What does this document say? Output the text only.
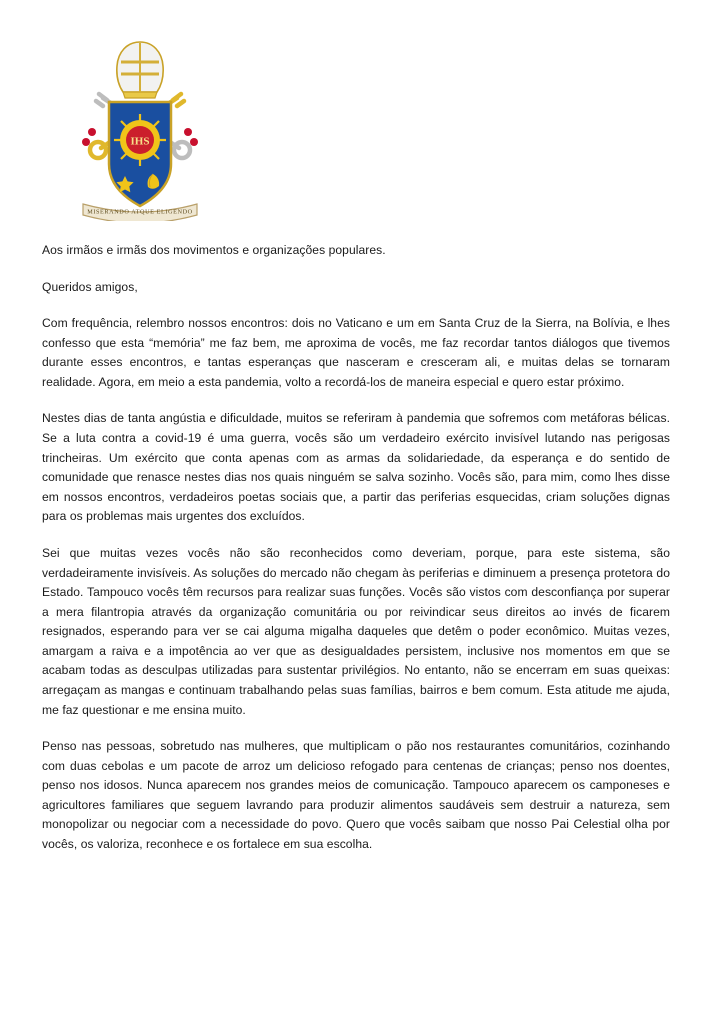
IHS
MISERANDO ATQUE ELIGENDO

Aos irmãos e irmãs dos movimentos e organizações populares.

Queridos amigos,

Com frequência, relembro nossos encontros: dois no Vaticano e um em Santa Cruz de la Sierra, na Bolívia, e lhes confesso que esta “memória” me faz bem, me aproxima de vocês, me faz recordar tantos diálogos que tivemos durante esses encontros, e tantas esperanças que nasceram e cresceram ali, e muitas delas se tornaram realidade. Agora, em meio a esta pandemia, volto a recordá-los de maneira especial e quero estar próximo.

Nestes dias de tanta angústia e dificuldade, muitos se referiram à pandemia que sofremos com metáforas bélicas. Se a luta contra a covid-19 é uma guerra, vocês são um verdadeiro exército invisível lutando nas perigosas trincheiras. Um exército que conta apenas com as armas da solidariedade, da esperança e do sentido de comunidade que renasce nestes dias nos quais ninguém se salva sozinho. Vocês são, para mim, como lhes disse em nossos encontros, verdadeiros poetas sociais que, a partir das periferias esquecidas, criam soluções dignas para os problemas mais urgentes dos excluídos.

Sei que muitas vezes vocês não são reconhecidos como deveriam, porque, para este sistema, são verdadeiramente invisíveis. As soluções do mercado não chegam às periferias e diminuem a presença protetora do Estado. Tampouco vocês têm recursos para realizar suas funções. Vocês são vistos com desconfiança por superar a mera filantropia através da organização comunitária ou por reivindicar seus direitos ao invés de ficarem resignados, esperando para ver se cai alguma migalha daqueles que detêm o poder econômico. Muitas vezes, amargam a raiva e a impotência ao ver que as desigualdades persistem, inclusive nos momentos em que se acabam todas as desculpas utilizadas para sustentar privilégios. No entanto, não se encerram em suas queixas: arregaçam as mangas e continuam trabalhando pelas suas famílias, bairros e bem comum. Esta atitude me ajuda, me faz questionar e me ensina muito.

Penso nas pessoas, sobretudo nas mulheres, que multiplicam o pão nos restaurantes comunitários, cozinhando com duas cebolas e um pacote de arroz um delicioso refogado para centenas de crianças; penso nos doentes, penso nos idosos. Nunca aparecem nos grandes meios de comunicação. Tampouco aparecem os camponeses e agricultores familiares que seguem lavrando para produzir alimentos saudáveis sem destruir a natureza, sem monopolizar ou negociar com a necessidade do povo. Quero que vocês saibam que nosso Pai Celestial olha por vocês, os valoriza, reconhece e os fortalece em sua escolha.
